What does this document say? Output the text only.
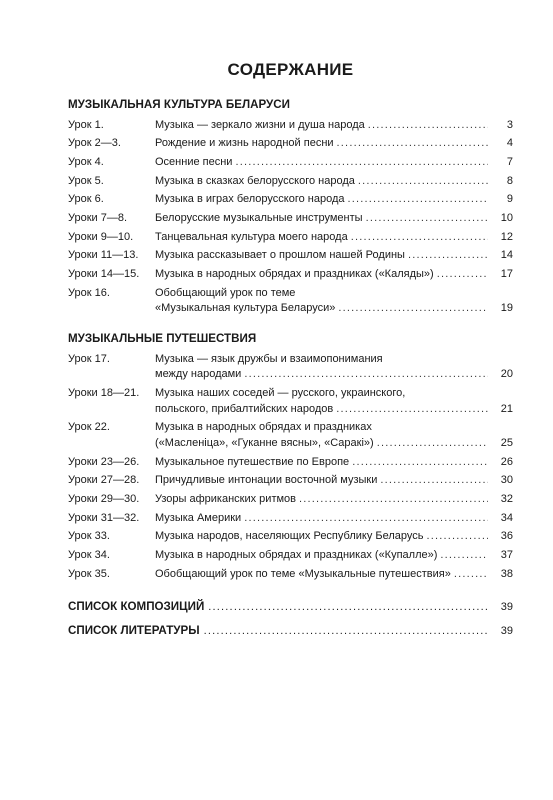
СОДЕРЖАНИЕ
МУЗЫКАЛЬНАЯ КУЛЬТУРА БЕЛАРУСИ
Урок 1.	Музыка — зеркало жизни и душа народа .....	3
Урок 2—3.	Рождение и жизнь народной песни .....	4
Урок 4.	Осенние песни .....	7
Урок 5.	Музыка в сказках белорусского народа .....	8
Урок 6.	Музыка в играх белорусского народа .....	9
Уроки 7—8.	Белорусские музыкальные инструменты .....	10
Уроки 9—10.	Танцевальная культура моего народа .....	12
Уроки 11—13.	Музыка рассказывает о прошлом нашей Родины .....	14
Уроки 14—15.	Музыка в народных обрядах и праздниках («Каляды») .....	17
Урок 16.	Обобщающий урок по теме
«Музыкальная культура Беларуси» .....	19
МУЗЫКАЛЬНЫЕ ПУТЕШЕСТВИЯ
Урок 17.	Музыка — язык дружбы и взаимопонимания
между народами .....	20
Уроки 18—21.	Музыка наших соседей — русского, украинского,
польского, прибалтийских народов .....	21
Урок 22.	Музыка в народных обрядах и праздниках
(«Масленіца», «Гуканне вясны», «Саракі») .....	25
Уроки 23—26.	Музыкальное путешествие по Европе .....	26
Уроки 27—28.	Причудливые интонации восточной музыки .....	30
Уроки 29—30.	Узоры африканских ритмов .....	32
Уроки 31—32.	Музыка Америки .....	34
Урок 33.	Музыка народов, населяющих Республику Беларусь .....	36
Урок 34.	Музыка в народных обрядах и праздниках («Купалле») .....	37
Урок 35.	Обобщающий урок по теме «Музыкальные путешествия» .....	38
СПИСОК КОМПОЗИЦИЙ .....	39
СПИСОК ЛИТЕРАТУРЫ .....	39
